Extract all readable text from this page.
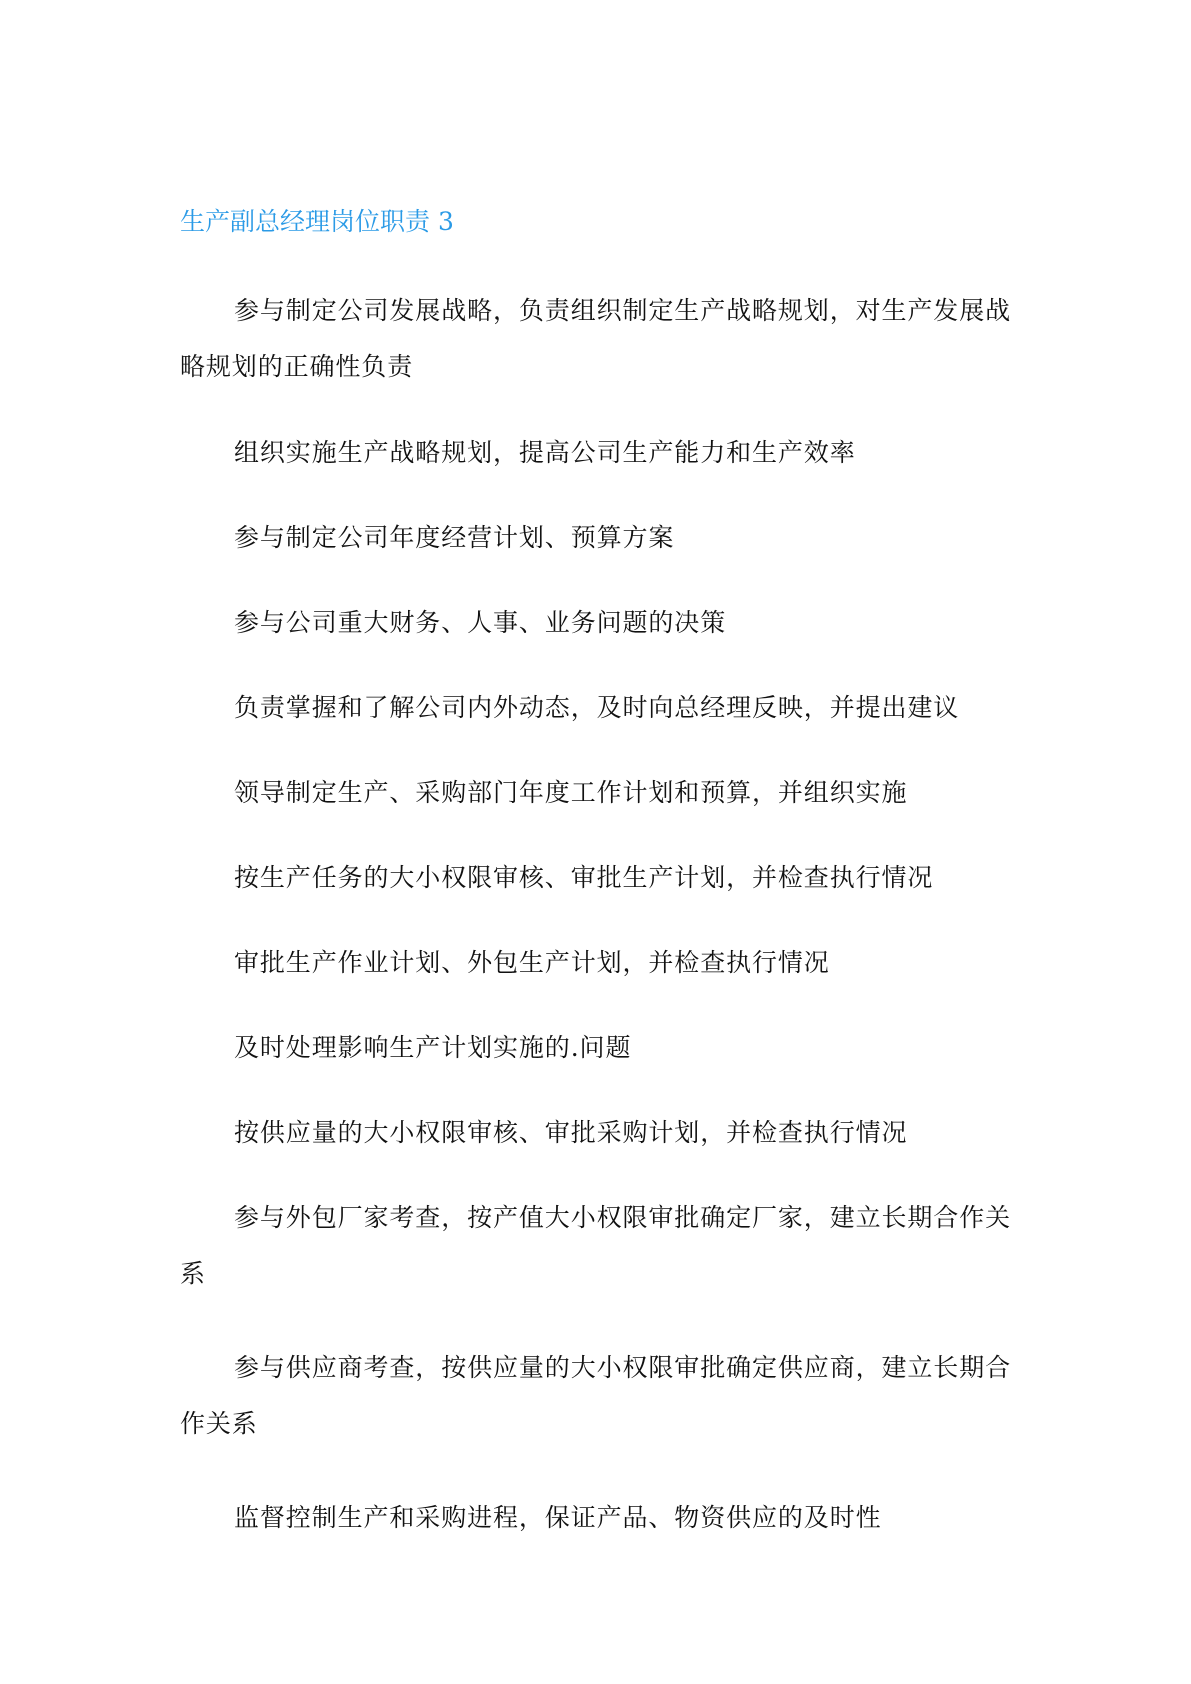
生产副总经理岗位职责 3

参与制定公司发展战略，负责组织制定生产战略规划，对生产发展战略规划的正确性负责

组织实施生产战略规划，提高公司生产能力和生产效率

参与制定公司年度经营计划、预算方案

参与公司重大财务、人事、业务问题的决策

负责掌握和了解公司内外动态，及时向总经理反映，并提出建议

领导制定生产、采购部门年度工作计划和预算，并组织实施

按生产任务的大小权限审核、审批生产计划，并检查执行情况

审批生产作业计划、外包生产计划，并检查执行情况

及时处理影响生产计划实施的.问题

按供应量的大小权限审核、审批采购计划，并检查执行情况

参与外包厂家考查，按产值大小权限审批确定厂家，建立长期合作关系

参与供应商考查，按供应量的大小权限审批确定供应商，建立长期合作关系

监督控制生产和采购进程，保证产品、物资供应的及时性
